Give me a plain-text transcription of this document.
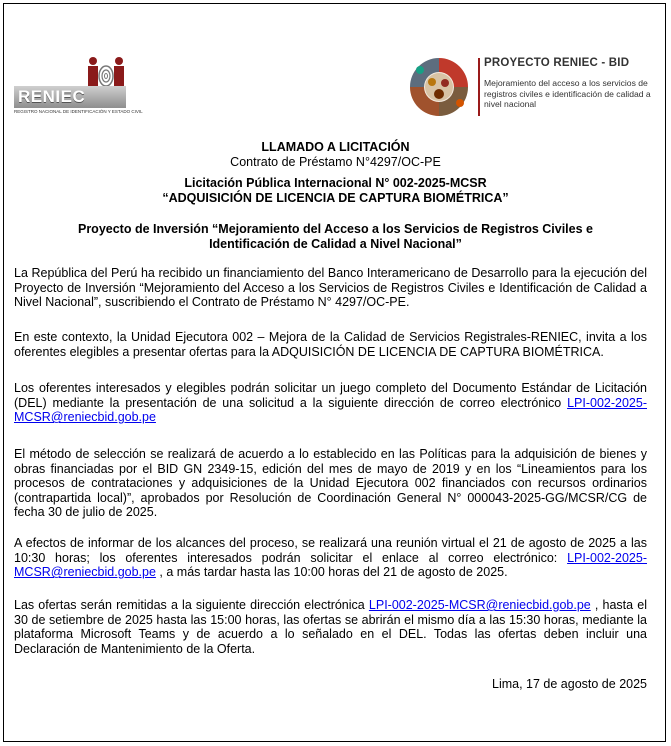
RENIEC
REGISTRO NACIONAL DE IDENTIFICACIÓN Y ESTADO CIVIL
PROYECTO RENIEC - BID
Mejoramiento del acceso a los servicios de registros civiles e identificación de calidad a nivel nacional
LLAMADO A LICITACIÓN
Contrato de Préstamo N°4297/OC-PE
Licitación Pública Internacional N° 002-2025-MCSR
“ADQUISICIÓN DE LICENCIA DE CAPTURA BIOMÉTRICA”
Proyecto de Inversión “Mejoramiento del Acceso a los Servicios de Registros Civiles e
Identificación de Calidad a Nivel Nacional”
La República del Perú ha recibido un financiamiento del Banco Interamericano de Desarrollo para la ejecución del Proyecto de Inversión “Mejoramiento del Acceso a los Servicios de Registros Civiles e Identificación de Calidad a Nivel Nacional”, suscribiendo el Contrato de Préstamo N° 4297/OC-PE.
En este contexto, la Unidad Ejecutora 002 – Mejora de la Calidad de Servicios Registrales-RENIEC, invita a los oferentes elegibles a presentar ofertas para la ADQUISICIÓN DE LICENCIA DE CAPTURA BIOMÉTRICA.
Los oferentes interesados y elegibles podrán solicitar un juego completo del Documento Estándar de Licitación (DEL) mediante la presentación de una solicitud a la siguiente dirección de correo electrónico LPI-002-2025-MCSR@reniecbid.gob.pe
El método de selección se realizará de acuerdo a lo establecido en las Políticas para la adquisición de bienes y obras financiadas por el BID GN 2349-15, edición del mes de mayo de 2019 y en los “Lineamientos para los procesos de contrataciones y adquisiciones de la Unidad Ejecutora 002 financiados con recursos ordinarios (contrapartida local)”, aprobados por Resolución de Coordinación General N° 000043-2025-GG/MCSR/CG de fecha 30 de julio de 2025.
A efectos de informar de los alcances del proceso, se realizará una reunión virtual el 21 de agosto de 2025 a las 10:30 horas; los oferentes interesados podrán solicitar el enlace al correo electrónico: LPI-002-2025-MCSR@reniecbid.gob.pe , a más tardar hasta las 10:00 horas del 21 de agosto de 2025.
Las ofertas serán remitidas a la siguiente dirección electrónica LPI-002-2025-MCSR@reniecbid.gob.pe , hasta el 30 de setiembre de 2025 hasta las 15:00 horas, las ofertas se abrirán el mismo día a las 15:30 horas, mediante la plataforma Microsoft Teams y de acuerdo a lo señalado en el DEL. Todas las ofertas deben incluir una Declaración de Mantenimiento de la Oferta.
Lima, 17 de agosto de 2025
